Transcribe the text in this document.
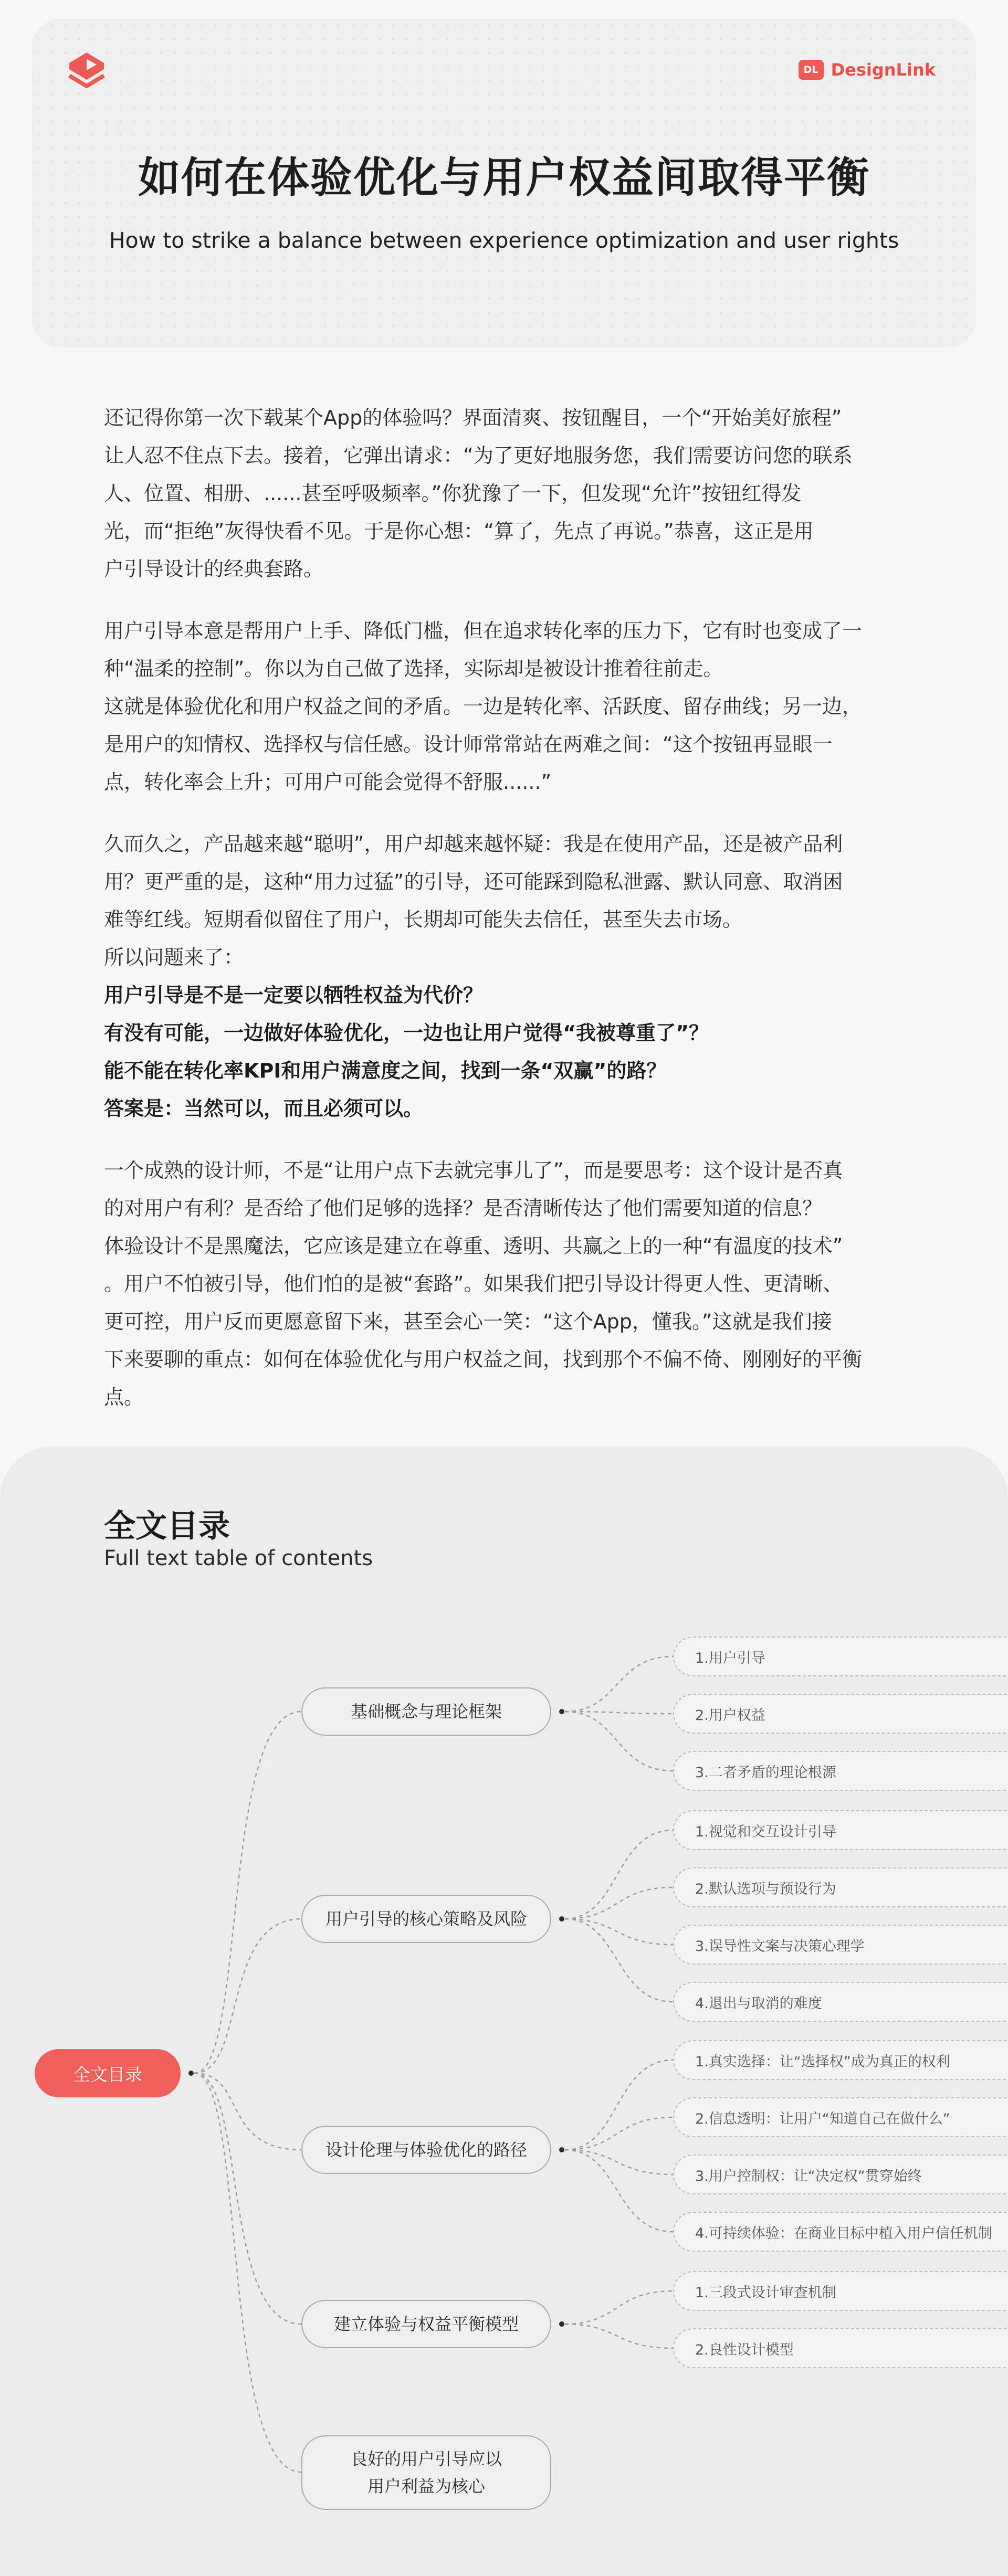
DL DesignLink
如何在体验优化与用户权益间取得平衡
How to strike a balance between experience optimization and user rights

还记得你第一次下载某个App的体验吗？界面清爽、按钮醒目，一个“开始美好旅程”

让人忍不住点下去。接着，它弹出请求：“为了更好地服务您，我们需要访问您的联系

人、位置、相册、......甚至呼吸频率。”你犹豫了一下，但发现“允许”按钮红得发

光，而“拒绝”灰得快看不见。于是你心想：“算了，先点了再说。”恭喜，这正是用

户引导设计的经典套路。

用户引导本意是帮用户上手、降低门槛，但在追求转化率的压力下，它有时也变成了一

种“温柔的控制”。你以为自己做了选择，实际却是被设计推着往前走。

这就是体验优化和用户权益之间的矛盾。一边是转化率、活跃度、留存曲线；另一边，

是用户的知情权、选择权与信任感。设计师常常站在两难之间：“这个按钮再显眼一

点，转化率会上升；可用户可能会觉得不舒服......”

久而久之，产品越来越“聪明”，用户却越来越怀疑：我是在使用产品，还是被产品利

用？更严重的是，这种“用力过猛”的引导，还可能踩到隐私泄露、默认同意、取消困

难等红线。短期看似留住了用户，长期却可能失去信任，甚至失去市场。

所以问题来了：

用户引导是不是一定要以牺牲权益为代价？

有没有可能，一边做好体验优化，一边也让用户觉得“我被尊重了”？

能不能在转化率KPI和用户满意度之间，找到一条“双赢”的路？

答案是：当然可以，而且必须可以。

一个成熟的设计师，不是“让用户点下去就完事儿了”，而是要思考：这个设计是否真

的对用户有利？是否给了他们足够的选择？是否清晰传达了他们需要知道的信息？

体验设计不是黑魔法，它应该是建立在尊重、透明、共赢之上的一种“有温度的技术”

。用户不怕被引导，他们怕的是被“套路”。如果我们把引导设计得更人性、更清晰、

更可控，用户反而更愿意留下来，甚至会心一笑：“这个App，懂我。”这就是我们接

下来要聊的重点：如何在体验优化与用户权益之间，找到那个不偏不倚、刚刚好的平衡

点。

全文目录
Full text table of contents
全文目录
基础概念与理论框架
用户引导的核心策略及风险
设计伦理与体验优化的路径
建立体验与权益平衡模型
良好的用户引导应以
用户利益为核心
1.用户引导
2.用户权益
3.二者矛盾的理论根源
1.视觉和交互设计引导
2.默认选项与预设行为
3.误导性文案与决策心理学
4.退出与取消的难度
1.真实选择：让“选择权”成为真正的权利
2.信息透明：让用户“知道自己在做什么”
3.用户控制权：让“决定权”贯穿始终
4.可持续体验：在商业目标中植入用户信任机制
1.三段式设计审查机制
2.良性设计模型
